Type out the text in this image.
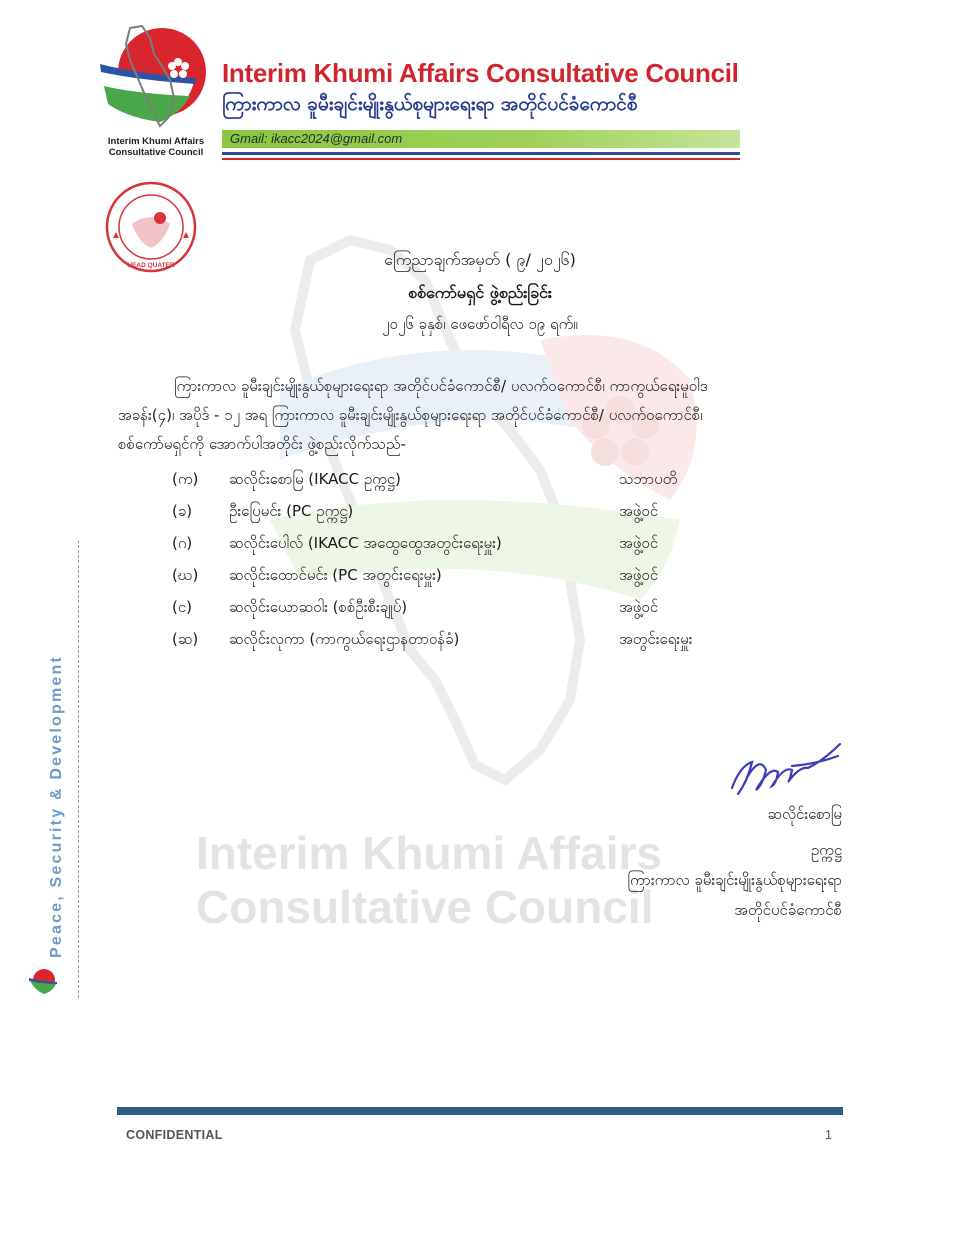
Interim Khumi Affairs
Consultative Council
Interim Khumi Affairs Consultative Council
Interim Khumi Affairs Consultative Council
ကြားကာလ ခူမီးချင်းမျိုးနွယ်စုများရေးရာ အတိုင်ပင်ခံကောင်စီ
Gmail: ikacc2024@gmail.com
HEAD QUATER
Peace, Security & Development
ကြေညာချက်အမှတ် ( ၉/ ၂၀၂၆)
စစ်ကော်မရှင် ဖွဲ့စည်းခြင်း
၂၀၂၆ ခုနှစ်၊ ဖေဖော်ဝါရီလ ၁၉ ရက်။
ကြားကာလ ခူမီးချင်းမျိုးနွယ်စုများရေးရာ အတိုင်ပင်ခံကောင်စီ/ ပလက်ဝကောင်စီ၊ ကာကွယ်ရေးမူဝါဒ
အခန်း(၄)၊ အပိုဒ် - ၁၂ အရ ကြားကာလ ခူမီးချင်းမျိုးနွယ်စုများရေးရာ အတိုင်ပင်ခံကောင်စီ/ ပလက်ဝကောင်စီ၊
စစ်ကော်မရှင်ကို အောက်ပါအတိုင်း ဖွဲ့စည်းလိုက်သည်-
(က) ဆလိုင်းစောမြ (IKACC ဥက္ကဋ္ဌ)	သဘာပတိ
(ခ) ဦးပြေမင်း (PC ဥက္ကဋ္ဌ)	အဖွဲ့ဝင်
(ဂ) ဆလိုင်းပေါလ် (IKACC အထွေထွေအတွင်းရေးမှူး)	အဖွဲ့ဝင်
(ဃ) ဆလိုင်းထောင်မင်း (PC အတွင်းရေးမှူး)	အဖွဲ့ဝင်
(င) ဆလိုင်းယောဆဝါး (စစ်ဦးစီးချုပ်)	အဖွဲ့ဝင်
(ဆ) ဆလိုင်းလုကာ (ကာကွယ်ရေးဌာနတာဝန်ခံ)	အတွင်းရေးမှူး
ဆလိုင်းစောမြ
ဥက္ကဋ္ဌ
ကြားကာလ ခူမီးချင်းမျိုးနွယ်စုများရေးရာ
အတိုင်ပင်ခံကောင်စီ
CONFIDENTIAL	1
